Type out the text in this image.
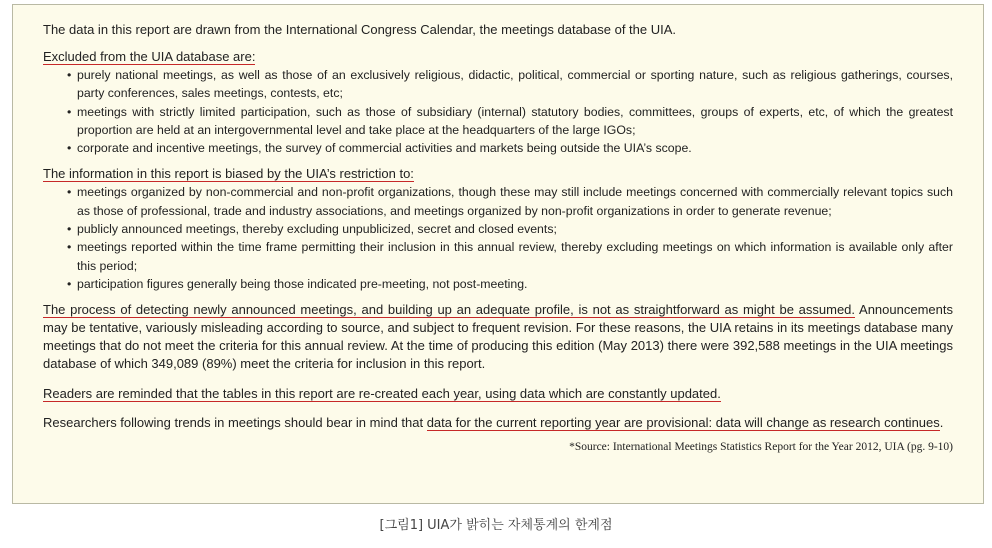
The data in this report are drawn from the International Congress Calendar, the meetings database of the UIA.

Excluded from the UIA database are:

• purely national meetings, as well as those of an exclusively religious, didactic, political, commercial or sporting nature, such as religious gatherings, courses, party conferences, sales meetings, contests, etc;
• meetings with strictly limited participation, such as those of subsidiary (internal) statutory bodies, committees, groups of experts, etc, of which the greatest proportion are held at an intergovernmental level and take place at the headquarters of the large IGOs;
• corporate and incentive meetings, the survey of commercial activities and markets being outside the UIA’s scope.

The information in this report is biased by the UIA’s restriction to:

• meetings organized by non-commercial and non-profit organizations, though these may still include meetings concerned with commercially relevant topics such as those of professional, trade and industry associations, and meetings organized by non-profit organizations in order to generate revenue;
• publicly announced meetings, thereby excluding unpublicized, secret and closed events;
• meetings reported within the time frame permitting their inclusion in this annual review, thereby excluding meetings on which information is available only after this period;
• participation figures generally being those indicated pre-meeting, not post-meeting.

The process of detecting newly announced meetings, and building up an adequate profile, is not as straightforward as might be assumed. Announcements may be tentative, variously misleading according to source, and subject to frequent revision. For these reasons, the UIA retains in its meetings database many meetings that do not meet the criteria for this annual review. At the time of producing this edition (May 2013) there were 392,588 meetings in the UIA meetings database of which 349,089 (89%) meet the criteria for inclusion in this report.

Readers are reminded that the tables in this report are re-created each year, using data which are constantly updated.

Researchers following trends in meetings should bear in mind that data for the current reporting year are provisional: data will change as research continues.

*Source: International Meetings Statistics Report for the Year 2012, UIA (pg. 9-10)

[그림1] UIA가 밝히는 자체통계의 한계점
